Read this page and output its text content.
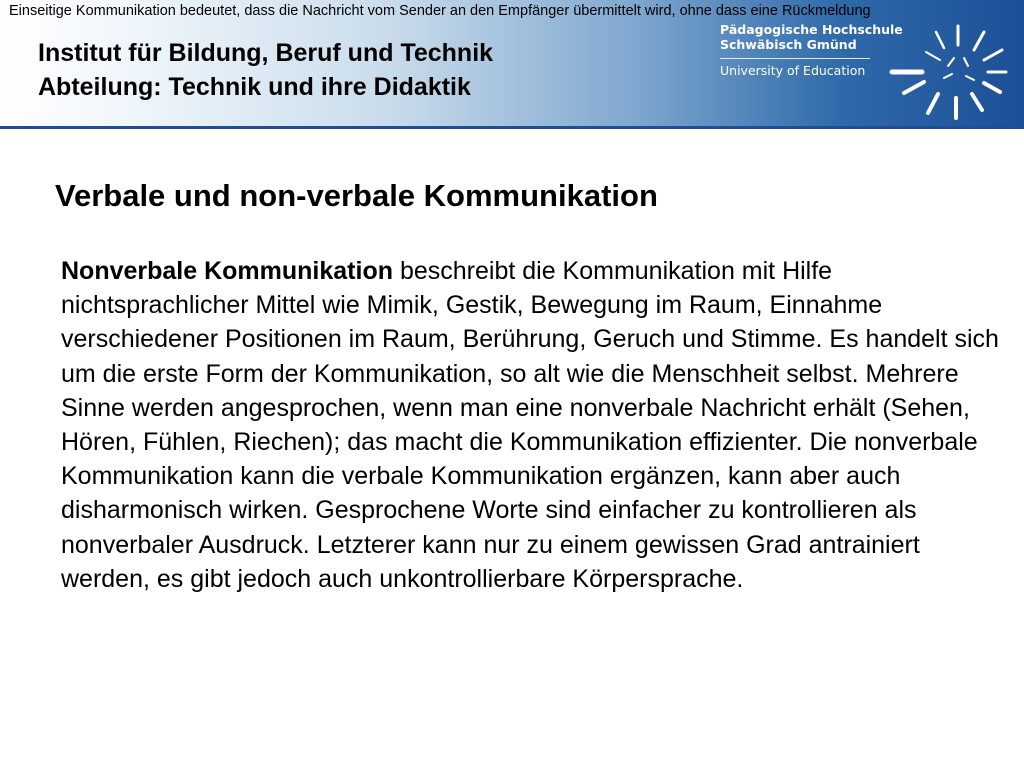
Institut für Bildung, Beruf und Technik
Abteilung: Technik und ihre Didaktik
Pädagogische Hochschule
Schwäbisch Gmünd
University of Education
Einseitige Kommunikation bedeutet, dass die Nachricht vom Sender an den Empfänger übermittelt wird, ohne dass eine Rückmeldung
Verbale und non-verbale Kommunikation
Nonverbale Kommunikation beschreibt die Kommunikation mit Hilfe nichtsprachlicher Mittel wie Mimik, Gestik, Bewegung im Raum, Einnahme verschiedener Positionen im Raum, Berührung, Geruch und Stimme. Es handelt sich um die erste Form der Kommunikation, so alt wie die Menschheit selbst. Mehrere Sinne werden angesprochen, wenn man eine nonverbale Nachricht erhält (Sehen, Hören, Fühlen, Riechen); das macht die Kommunikation effizienter. Die nonverbale Kommunikation kann die verbale Kommunikation ergänzen, kann aber auch disharmonisch wirken. Gesprochene Worte sind einfacher zu kontrollieren als nonverbaler Ausdruck. Letzterer kann nur zu einem gewissen Grad antrainiert werden, es gibt jedoch auch unkontrollierbare Körpersprache.
